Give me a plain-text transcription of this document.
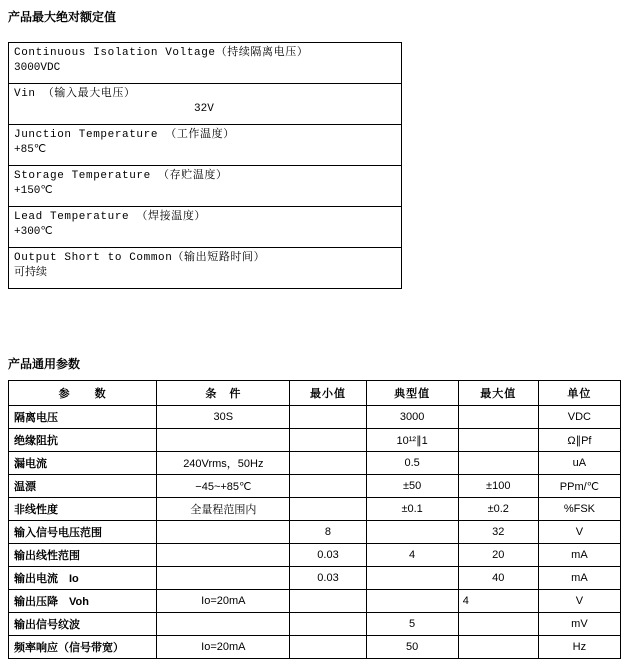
产品最大绝对额定值
Continuous Isolation Voltage（持续隔离电压）
3000VDC

Vin （输入最大电压）
32V

Junction Temperature （工作温度）
+85℃

Storage Temperature （存贮温度）
+150℃

Lead Temperature （焊接温度）
+300℃

Output Short to Common（输出短路时间）
可持续
产品通用参数
参　　数	条　件	最小值	典型值	最大值	单位
隔离电压	30S		3000		VDC
绝缘阻抗			10¹²∥1		Ω∥Pf
漏电流	240Vrms，50Hz		0.5		uA
温漂	−45~+85℃		±50	±100	PPm/℃
非线性度	全量程范围内		±0.1	±0.2	%FSK
输入信号电压范围		8		32	V
输出线性范围		0.03	4	20	mA
输出电流　Io		0.03		40	mA
输出压降　Voh	Io=20mA			4	V
输出信号纹波			5		mV
频率响应（信号带宽）	Io=20mA		50		Hz
